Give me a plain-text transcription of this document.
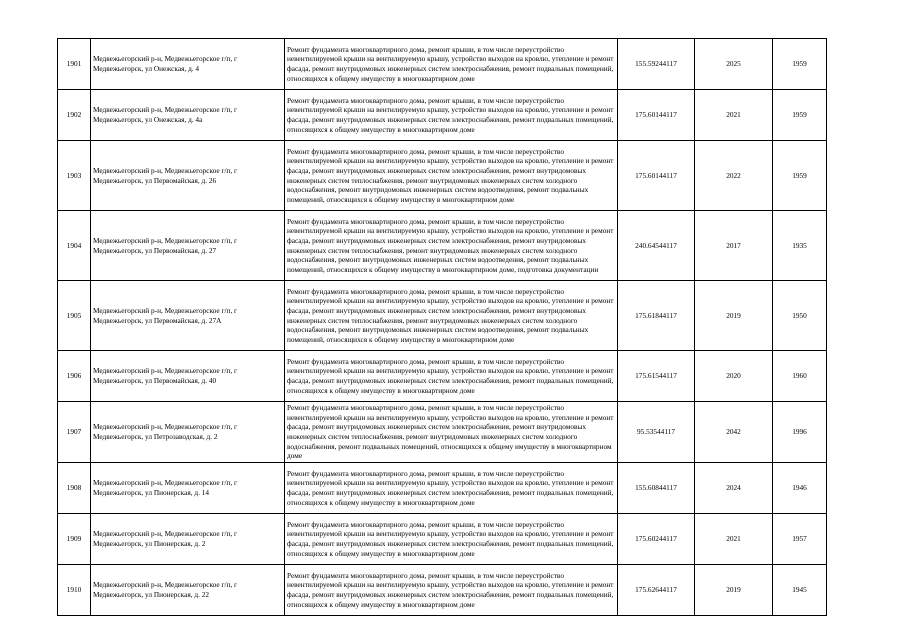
1901	Медвежьегорский р-н, Медвежьегорское г/п, г Медвежьегорск, ул Онежская, д. 4	Ремонт фундамента многоквартирного дома, ремонт крыши, в том числе переустройство невентилируемой крыши на вентилируемую крышу, устройство выходов на кровлю, утепление и ремонт фасада, ремонт внутридомовых инженерных систем электроснабжения, ремонт подвальных помещений, относящихся к общему имуществу в многоквартирном доме	155.59244117	2025	1959
1902	Медвежьегорский р-н, Медвежьегорское г/п, г Медвежьегорск, ул Онежская, д. 4а	Ремонт фундамента многоквартирного дома, ремонт крыши, в том числе переустройство невентилируемой крыши на вентилируемую крышу, устройство выходов на кровлю, утепление и ремонт фасада, ремонт внутридомовых инженерных систем электроснабжения, ремонт подвальных помещений, относящихся к общему имуществу в многоквартирном доме	175.60144117	2021	1959
1903	Медвежьегорский р-н, Медвежьегорское г/п, г Медвежьегорск, ул Первомайская, д. 26	Ремонт фундамента многоквартирного дома, ремонт крыши, в том числе переустройство невентилируемой крыши на вентилируемую крышу, устройство выходов на кровлю, утепление и ремонт фасада, ремонт внутридомовых инженерных систем электроснабжения, ремонт внутридомовых инженерных систем теплоснабжения, ремонт внутридомовых инженерных систем холодного водоснабжения, ремонт внутридомовых инженерных систем водоотведения, ремонт подвальных помещений, относящихся к общему имуществу в многоквартирном доме	175.60144117	2022	1959
1904	Медвежьегорский р-н, Медвежьегорское г/п, г Медвежьегорск, ул Первомайская, д. 27	Ремонт фундамента многоквартирного дома, ремонт крыши, в том числе переустройство невентилируемой крыши на вентилируемую крышу, устройство выходов на кровлю, утепление и ремонт фасада, ремонт внутридомовых инженерных систем электроснабжения, ремонт внутридомовых инженерных систем теплоснабжения, ремонт внутридомовых инженерных систем холодного водоснабжения, ремонт внутридомовых инженерных систем водоотведения, ремонт подвальных помещений, относящихся к общему имуществу в многоквартирном доме, подготовка документации	240.64544117	2017	1935
1905	Медвежьегорский р-н, Медвежьегорское г/п, г Медвежьегорск, ул Первомайская, д. 27А	Ремонт фундамента многоквартирного дома, ремонт крыши, в том числе переустройство невентилируемой крыши на вентилируемую крышу, устройство выходов на кровлю, утепление и ремонт фасада, ремонт внутридомовых инженерных систем электроснабжения, ремонт внутридомовых инженерных систем теплоснабжения, ремонт внутридомовых инженерных систем холодного водоснабжения, ремонт внутридомовых инженерных систем водоотведения, ремонт подвальных помещений, относящихся к общему имуществу в многоквартирном доме	175.61844117	2019	1950
1906	Медвежьегорский р-н, Медвежьегорское г/п, г Медвежьегорск, ул Первомайская, д. 40	Ремонт фундамента многоквартирного дома, ремонт крыши, в том числе переустройство невентилируемой крыши на вентилируемую крышу, устройство выходов на кровлю, утепление и ремонт фасада, ремонт внутридомовых инженерных систем электроснабжения, ремонт подвальных помещений, относящихся к общему имуществу в многоквартирном доме	175.61544117	2020	1960
1907	Медвежьегорский р-н, Медвежьегорское г/п, г Медвежьегорск, ул Петрозаводская, д. 2	Ремонт фундамента многоквартирного дома, ремонт крыши, в том числе переустройство невентилируемой крыши на вентилируемую крышу, устройство выходов на кровлю, утепление и ремонт фасада, ремонт внутридомовых инженерных систем электроснабжения, ремонт внутридомовых инженерных систем теплоснабжения, ремонт внутридомовых инженерных систем холодного водоснабжения, ремонт подвальных помещений, относящихся к общему имуществу в многоквартирном доме	95.53544117	2042	1996
1908	Медвежьегорский р-н, Медвежьегорское г/п, г Медвежьегорск, ул Пионерская, д. 14	Ремонт фундамента многоквартирного дома, ремонт крыши, в том числе переустройство невентилируемой крыши на вентилируемую крышу, устройство выходов на кровлю, утепление и ремонт фасада, ремонт внутридомовых инженерных систем электроснабжения, ремонт подвальных помещений, относящихся к общему имуществу в многоквартирном доме	155.60844117	2024	1946
1909	Медвежьегорский р-н, Медвежьегорское г/п, г Медвежьегорск, ул Пионерская, д. 2	Ремонт фундамента многоквартирного дома, ремонт крыши, в том числе переустройство невентилируемой крыши на вентилируемую крышу, устройство выходов на кровлю, утепление и ремонт фасада, ремонт внутридомовых инженерных систем электроснабжения, ремонт подвальных помещений, относящихся к общему имуществу в многоквартирном доме	175.60244117	2021	1957
1910	Медвежьегорский р-н, Медвежьегорское г/п, г Медвежьегорск, ул Пионерская, д. 22	Ремонт фундамента многоквартирного дома, ремонт крыши, в том числе переустройство невентилируемой крыши на вентилируемую крышу, устройство выходов на кровлю, утепление и ремонт фасада, ремонт внутридомовых инженерных систем электроснабжения, ремонт подвальных помещений, относящихся к общему имуществу в многоквартирном доме	175.62644117	2019	1945
